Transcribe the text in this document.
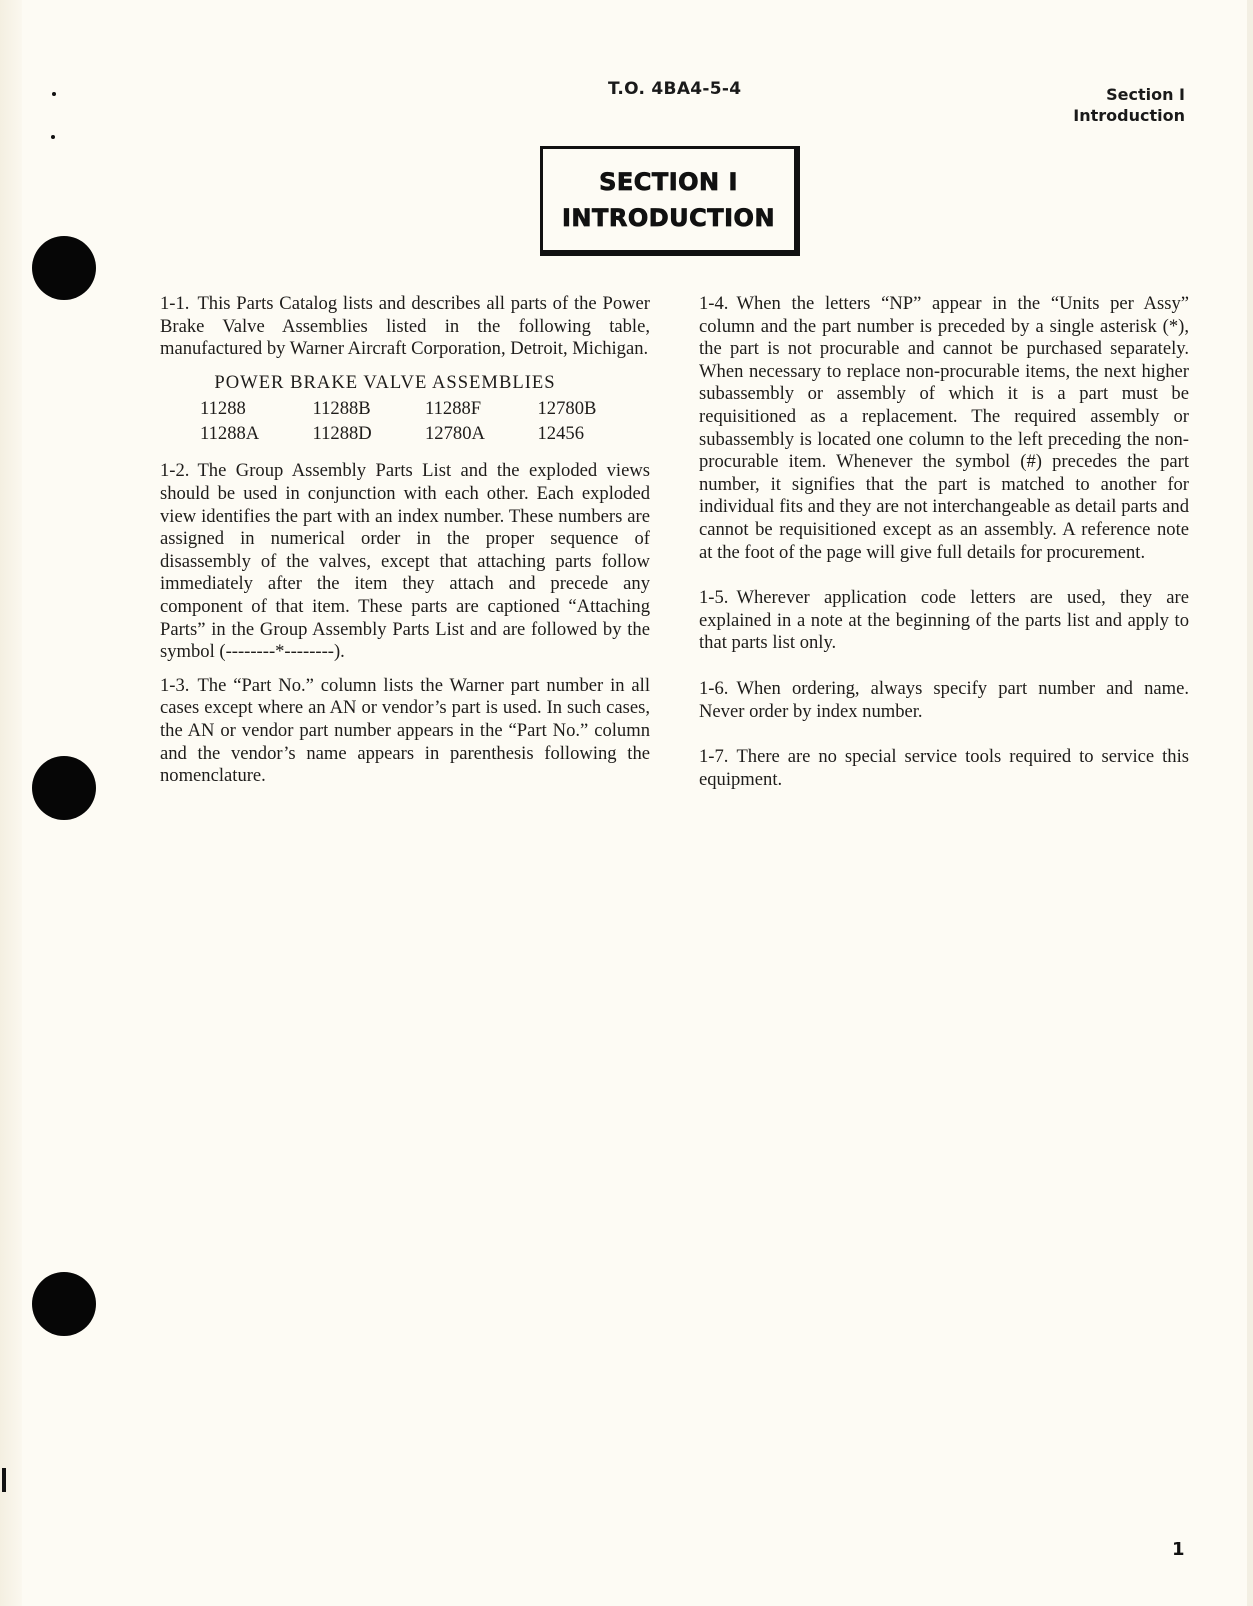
T.O. 4BA4-5-4	Section I
Introduction
SECTION I
INTRODUCTION

1-1. This Parts Catalog lists and describes all parts of the Power Brake Valve Assemblies listed in the following table, manufactured by Warner Aircraft Corporation, Detroit, Michigan.

POWER BRAKE VALVE ASSEMBLIES
11288	11288B	11288F	12780B
11288A	11288D	12780A	12456

1-2. The Group Assembly Parts List and the exploded views should be used in conjunction with each other. Each exploded view identifies the part with an index number. These numbers are assigned in numerical order in the proper sequence of disassembly of the valves, except that attaching parts follow immediately after the item they attach and precede any component of that item. These parts are captioned “Attaching Parts” in the Group Assembly Parts List and are followed by the symbol (--------*--------).

1-3. The “Part No.” column lists the Warner part number in all cases except where an AN or vendor’s part is used. In such cases, the AN or vendor part number appears in the “Part No.” column and the vendor’s name appears in parenthesis following the nomenclature.

1-4. When the letters “NP” appear in the “Units per Assy” column and the part number is preceded by a single asterisk (*), the part is not procurable and cannot be purchased separately. When necessary to replace non-procurable items, the next higher subassembly or assembly of which it is a part must be requisitioned as a replacement. The required assembly or subassembly is located one column to the left preceding the non-procurable item. Whenever the symbol (#) precedes the part number, it signifies that the part is matched to another for individual fits and they are not interchangeable as detail parts and cannot be requisitioned except as an assembly. A reference note at the foot of the page will give full details for procurement.

1-5. Wherever application code letters are used, they are explained in a note at the beginning of the parts list and apply to that parts list only.

1-6. When ordering, always specify part number and name. Never order by index number.

1-7. There are no special service tools required to service this equipment.

1
